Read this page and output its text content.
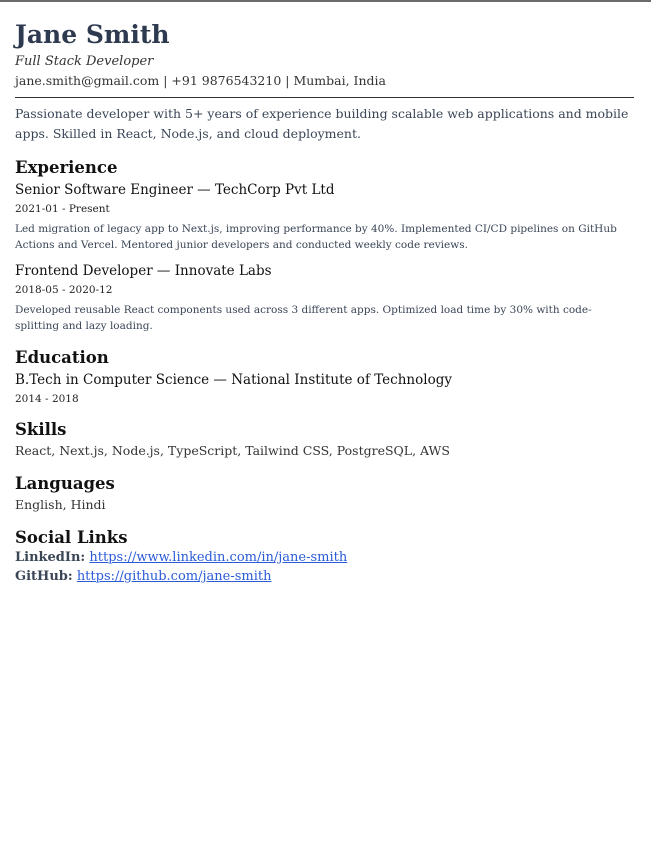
Jane Smith
Full Stack Developer
jane.smith@gmail.com | +91 9876543210 | Mumbai, India
Passionate developer with 5+ years of experience building scalable web applications and mobile apps. Skilled in React, Node.js, and cloud deployment.
Experience
Senior Software Engineer — TechCorp Pvt Ltd
2021-01 - Present
Led migration of legacy app to Next.js, improving performance by 40%. Implemented CI/CD pipelines on GitHub Actions and Vercel. Mentored junior developers and conducted weekly code reviews.
Frontend Developer — Innovate Labs
2018-05 - 2020-12
Developed reusable React components used across 3 different apps. Optimized load time by 30% with code-splitting and lazy loading.
Education
B.Tech in Computer Science — National Institute of Technology
2014 - 2018
Skills
React, Next.js, Node.js, TypeScript, Tailwind CSS, PostgreSQL, AWS
Languages
English, Hindi
Social Links
LinkedIn: https://www.linkedin.com/in/jane-smith
GitHub: https://github.com/jane-smith
